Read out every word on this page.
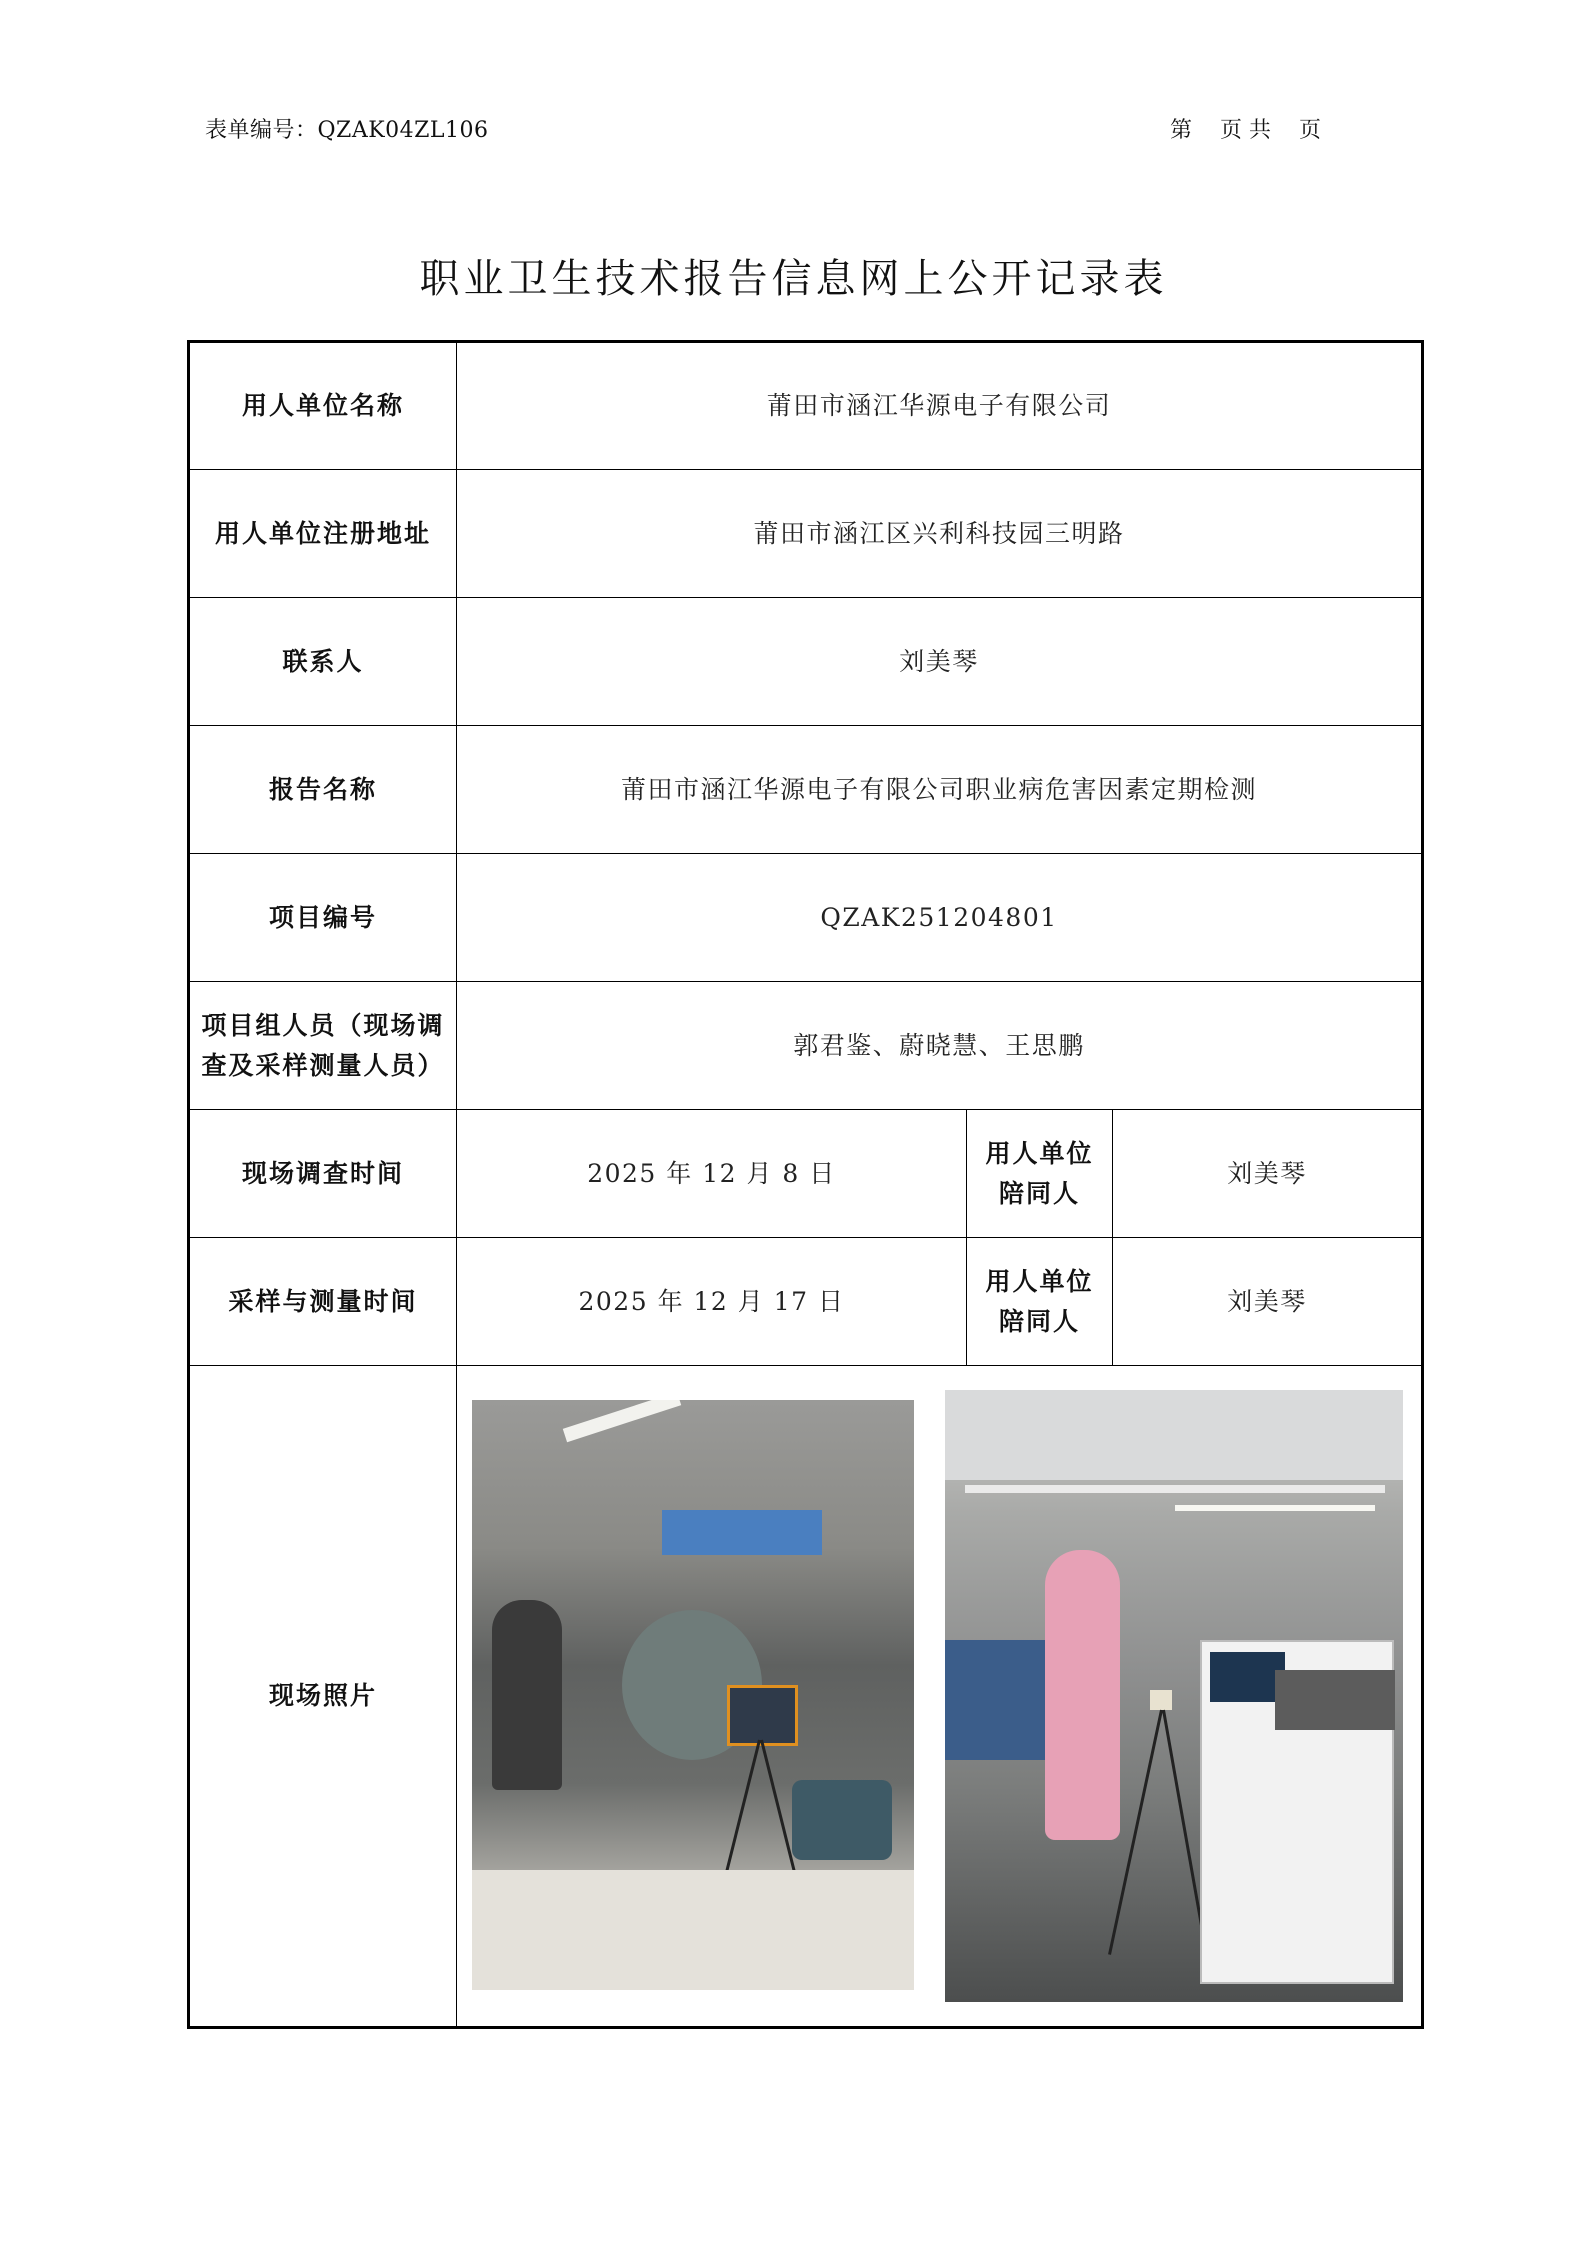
表单编号：QZAK04ZL106	第    页 共    页
职业卫生技术报告信息网上公开记录表
用人单位名称	莆田市涵江华源电子有限公司		
用人单位注册地址	莆田市涵江区兴利科技园三明路		
联系人	刘美琴		
报告名称	莆田市涵江华源电子有限公司职业病危害因素定期检测		
项目编号	QZAK251204801		
项目组人员（现场调查及采样测量人员）	郭君鉴、蔚晓慧、王思鹏		
现场调查时间	2025 年 12 月 8 日	用人单位陪同人	刘美琴
采样与测量时间	2025 年 12 月 17 日	用人单位陪同人	刘美琴
现场照片			
